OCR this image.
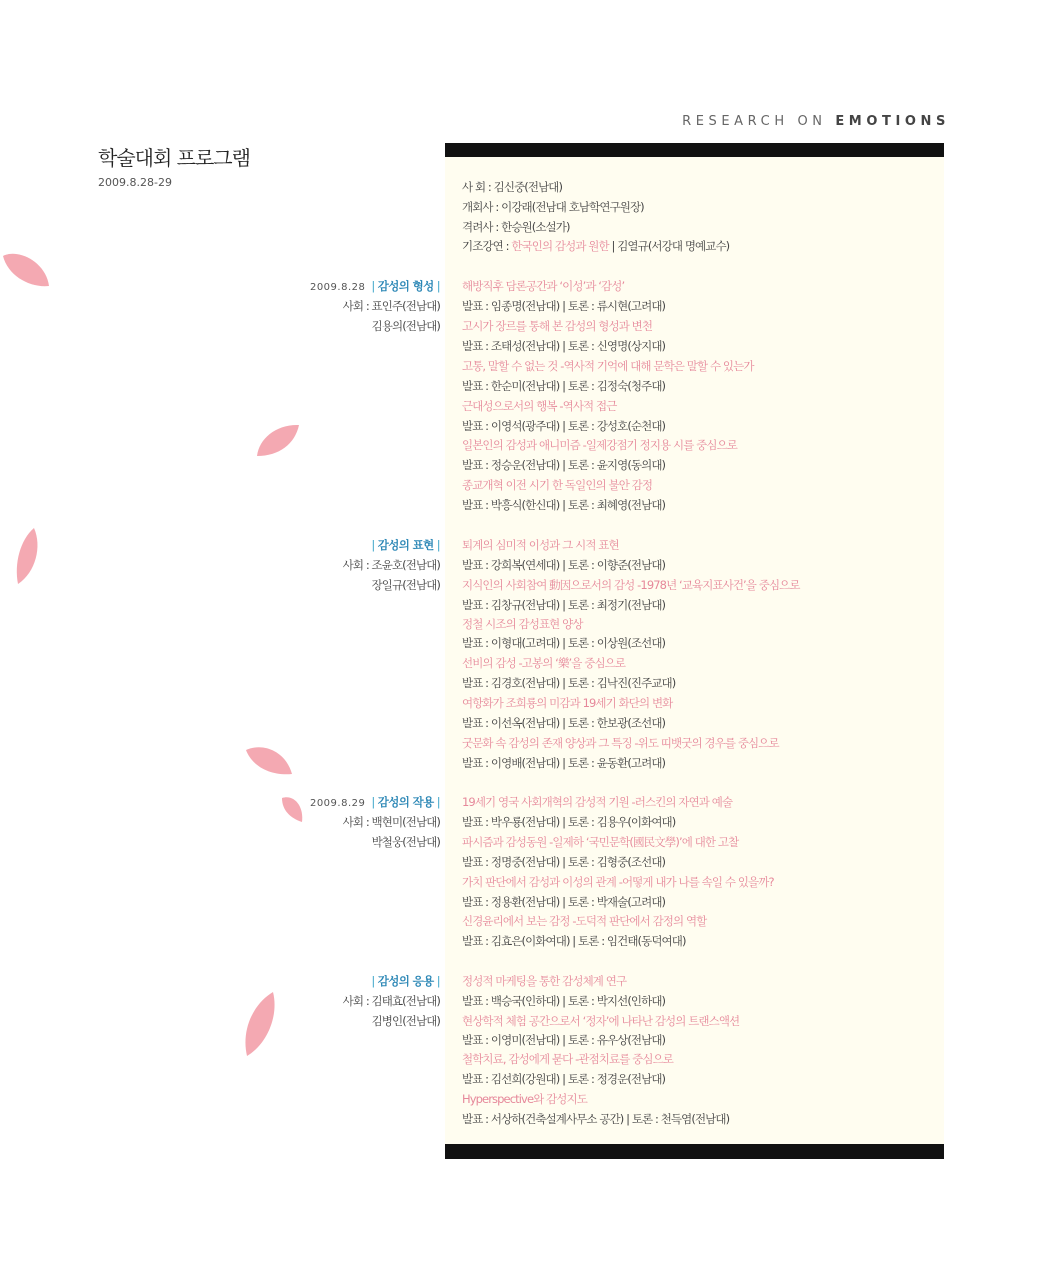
RESEARCH ON EMOTIONS
학술대회 프로그램
2009.8.28-29	사 회 : 김신중(전남대)
개회사 : 이강래(전남대 호남학연구원장)
격려사 : 한승원(소설가)
기조강연 : 한국인의 감성과 원한 | 김열규(서강대 명예교수)
2009.8.28 | 감성의 형성 |
사회 : 표인주(전남대)
김용의(전남대)
해방직후 담론공간과 ‘이성’과 ‘감성’
발표 : 임종명(전남대) | 토론 : 류시현(고려대)
고시가 장르를 통해 본 감성의 형성과 변천
발표 : 조태성(전남대) | 토론 : 신영명(상지대)
고통, 말할 수 없는 것 -역사적 기억에 대해 문학은 말할 수 있는가
발표 : 한순미(전남대) | 토론 : 김정숙(청주대)
근대성으로서의 행복 -역사적 접근
발표 : 이영석(광주대) | 토론 : 강성호(순천대)
일본인의 감성과 애니미즘 -일제강점기 정지용 시를 중심으로
발표 : 정승운(전남대) | 토론 : 윤지영(동의대)
종교개혁 이전 시기 한 독일인의 불안 감정
발표 : 박흥식(한신대) | 토론 : 최혜영(전남대)
| 감성의 표현 |
사회 : 조윤호(전남대)
장일규(전남대)
퇴계의 심미적 이성과 그 시적 표현
발표 : 강희복(연세대) | 토론 : 이향준(전남대)
지식인의 사회참여 動因으로서의 감성 -1978년 ‘교육지표사건’을 중심으로
발표 : 김창규(전남대) | 토론 : 최정기(전남대)
정철 시조의 감성표현 양상
발표 : 이형대(고려대) | 토론 : 이상원(조선대)
선비의 감성 -고봉의 ‘樂’을 중심으로
발표 : 김경호(전남대) | 토론 : 김낙진(진주교대)
여항화가 조희룡의 미감과 19세기 화단의 변화
발표 : 이선옥(전남대) | 토론 : 한보광(조선대)
굿문화 속 감성의 존재 양상과 그 특징 -위도 띠뱃굿의 경우를 중심으로
발표 : 이영배(전남대) | 토론 : 윤동환(고려대)
2009.8.29 | 감성의 작용 |
사회 : 백현미(전남대)
박철웅(전남대)
19세기 영국 사회개혁의 감성적 기원 -러스킨의 자연과 예술
발표 : 박우룡(전남대) | 토론 : 김용우(이화여대)
파시즘과 감성동원 -일제하 ‘국민문학(國民文學)’에 대한 고찰
발표 : 정명중(전남대) | 토론 : 김형중(조선대)
가치 판단에서 감성과 이성의 관계 -어떻게 내가 나를 속일 수 있을까?
발표 : 정용환(전남대) | 토론 : 박재술(고려대)
신경윤리에서 보는 감정 -도덕적 판단에서 감정의 역할
발표 : 김효은(이화여대) | 토론 : 임건태(동덕여대)
| 감성의 응용 |
사회 : 김태효(전남대)
김병인(전남대)
정성적 마케팅을 통한 감성체계 연구
발표 : 백승국(인하대) | 토론 : 박지선(인하대)
현상학적 체험 공간으로서 ‘정자’에 나타난 감성의 트랜스액션
발표 : 이영미(전남대) | 토론 : 유우상(전남대)
철학치료, 감성에게 묻다 -관점치료를 중심으로
발표 : 김선희(강원대) | 토론 : 정경운(전남대)
Hyperspective와 감성지도
발표 : 서상하(건축설계사무소 공간) | 토론 : 천득염(전남대)
